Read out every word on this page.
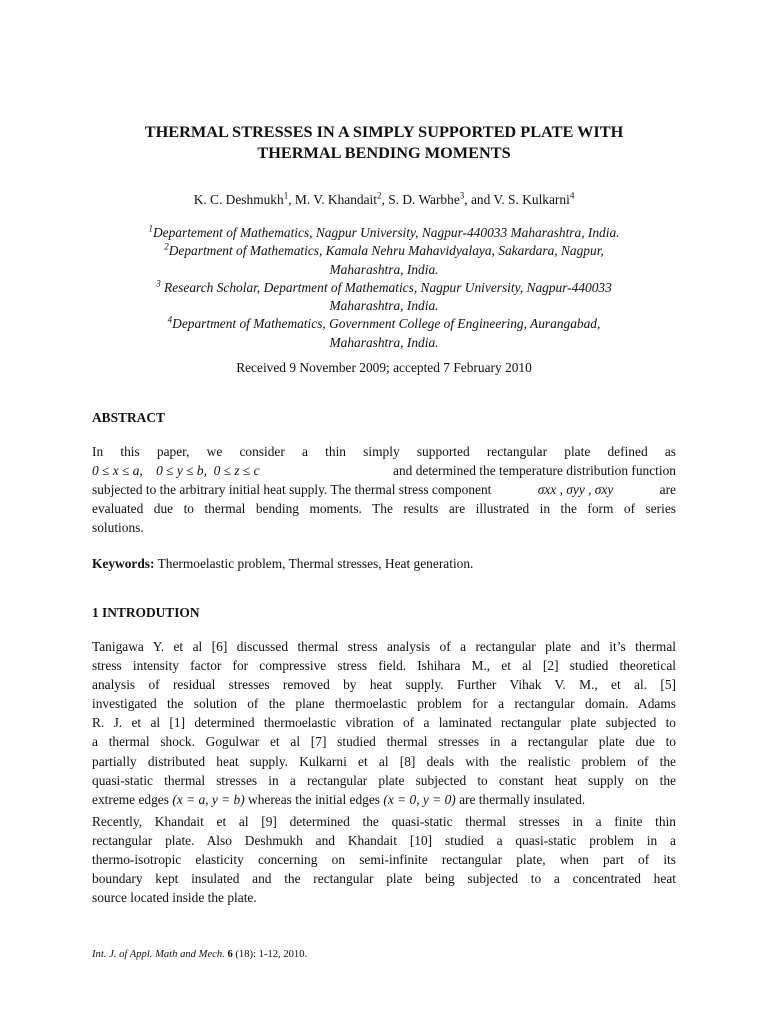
THERMAL STRESSES IN A SIMPLY SUPPORTED PLATE WITH
THERMAL BENDING MOMENTS
K. C. Deshmukh$^1$, M. V. Khandait$^2$, S. D. Warbhe$^3$, and V. S. Kulkarni$^4$
$^1$Departement of Mathematics, Nagpur University, Nagpur-440033 Maharashtra, India.
$^2$Department of Mathematics, Kamala Nehru Mahavidyalaya, Sakardara, Nagpur,
Maharashtra, India.
$^3$ Research Scholar, Department of Mathematics, Nagpur University, Nagpur-440033
Maharashtra, India.
$^4$Department of Mathematics, Government College of Engineering, Aurangabad,
Maharashtra, India.
Received 9 November 2009; accepted 7 February 2010
ABSTRACT
In this paper, we consider a thin simply supported rectangular plate defined as
0 ≤ x ≤ a,    0 ≤ y ≤ b,  0 ≤ z ≤ c	and determined the temperature distribution function
subjected to the arbitrary initial heat supply. The thermal stress component	σxx , σyy , σxy	are
evaluated due to thermal bending moments. The results are illustrated in the form of series
solutions.
Keywords: Thermoelastic problem, Thermal stresses, Heat generation.
1 INTRODUTION
Tanigawa Y. et al [6] discussed thermal stress analysis of a rectangular plate and it’s thermal
stress intensity factor for compressive stress field. Ishihara M., et al [2] studied theoretical
analysis of residual stresses removed by heat supply. Further Vihak V. M., et al. [5]
investigated the solution of the plane thermoelastic problem for a rectangular domain. Adams
R. J. et al [1] determined thermoelastic vibration of a laminated rectangular plate subjected to
a thermal shock. Gogulwar et al [7] studied thermal stresses in a rectangular plate due to
partially distributed heat supply. Kulkarni et al [8] deals with the realistic problem of the
quasi-static thermal stresses in a rectangular plate subjected to constant heat supply on the
extreme edges (x = a, y = b) whereas the initial edges (x = 0, y = 0) are thermally insulated.
Recently, Khandait et al [9] determined the quasi-static thermal stresses in a finite thin
rectangular plate. Also Deshmukh and Khandait [10] studied a quasi-static problem in a
thermo-isotropic elasticity concerning on semi-infinite rectangular plate, when part of its
boundary kept insulated and the rectangular plate being subjected to a concentrated heat
source located inside the plate.
Int. J. of Appl. Math and Mech. 6 (18): 1-12, 2010.
